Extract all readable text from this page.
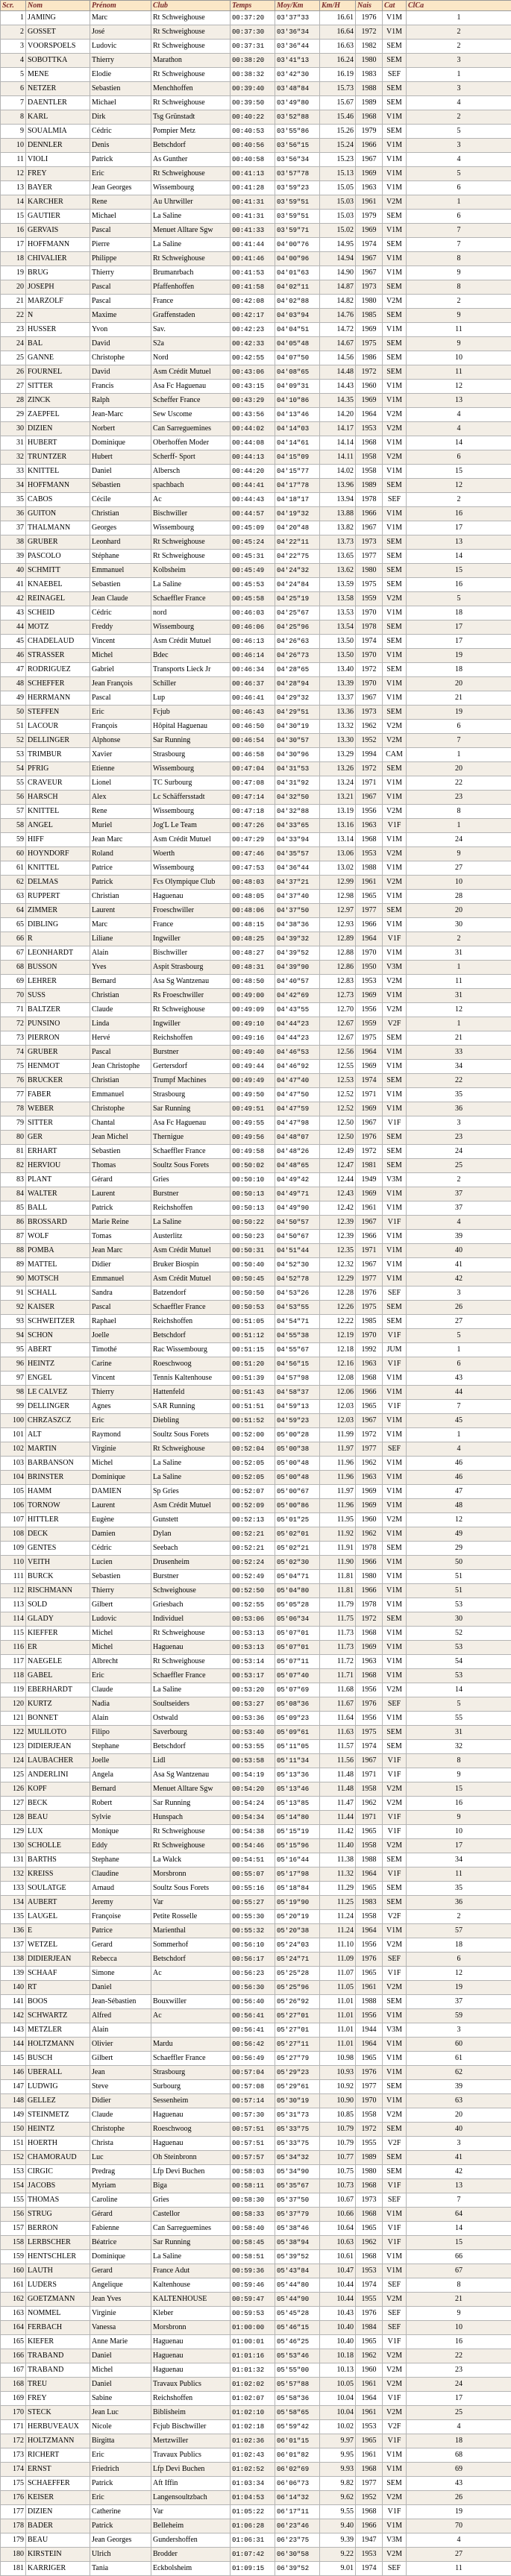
Scr.	Nom	Prénom	Club	Temps	Moy/Km	Km/H	Nais	Cat	ClCa
1	JAMING	Marc	Rt Schweighouse	00:37:20	03'37"33	16.61	1976	V1M	1
2	GOSSET	José	Rt Schweighouse	00:37:30	03'36"34	16.64	1972	V1M	2
3	VOORSPOELS	Ludovic	Rt Schweighouse	00:37:31	03'36"44	16.63	1982	SEM	2
4	SOBOTTKA	Thierry	Marathon	00:38:20	03'41"13	16.24	1980	SEM	3
5	MENE	Elodie	Rt Schweighouse	00:38:32	03'42"30	16.19	1983	SEF	1
6	NETZER	Sebastien	Menchhoffen	00:39:40	03'48"84	15.73	1988	SEM	3
7	DAENTLER	Michael	Rt Schweighouse	00:39:50	03'49"80	15.67	1989	SEM	4
8	KARL	Dirk	Tsg Grünstadt	00:40:22	03'52"88	15.46	1968	V1M	2
9	SOUALMIA	Cédric	Pompier Metz	00:40:53	03'55"86	15.26	1979	SEM	5
10	DENNLER	Denis	Betschdorf	00:40:56	03'56"15	15.24	1966	V1M	3
11	VIOLI	Patrick	As Gunther	00:40:58	03'56"34	15.23	1967	V1M	4
12	FREY	Eric	Rt Schweighouse	00:41:13	03'57"78	15.13	1969	V1M	5
13	BAYER	Jean Georges	Wissembourg	00:41:28	03'59"23	15.05	1963	V1M	6
14	KARCHER	Rene	Au Uhrwiller	00:41:31	03'59"51	15.03	1961	V2M	1
15	GAUTIER	Michael	La Saline	00:41:31	03'59"51	15.03	1979	SEM	6
16	GERVAIS	Pascal	Menuet Alltare Sgw	00:41:33	03'59"71	15.02	1969	V1M	7
17	HOFFMANN	Pierre	La Saline	00:41:44	04'00"76	14.95	1974	SEM	7
18	CHIVALIER	Philippe	Rt Schweighouse	00:41:46	04'00"96	14.94	1967	V1M	8
19	BRUG	Thierry	Brumanrbach	00:41:53	04'01"63	14.90	1967	V1M	9
20	JOSEPH	Pascal	Pfaffenhoffen	00:41:58	04'02"11	14.87	1973	SEM	8
21	MARZOLF	Pascal	France	00:42:08	04'02"88	14.82	1980	V2M	2
22	N	Maxime	Graffenstaden	00:42:17	04'03"94	14.76	1985	SEM	9
23	HUSSER	Yvon	Sav.	00:42:23	04'04"51	14.72	1969	V1M	11
24	BAL	David	S2a	00:42:33	04'05"48	14.67	1975	SEM	9
25	GANNE	Christophe	Nord	00:42:55	04'07"50	14.56	1986	SEM	10
26	FOURNEL	David	Asm Crédit Mutuel	00:43:06	04'08"65	14.48	1972	SEM	11
27	SITTER	Francis	Asa Fc Haguenau	00:43:15	04'09"31	14.43	1960	V1M	12
28	ZINCK	Ralph	Scheffer France	00:43:29	04'10"86	14.35	1969	V1M	13
29	ZAEPFEL	Jean-Marc	Sew Uscome	00:43:56	04'13"46	14.20	1964	V2M	4
30	DIZIEN	Norbert	Can Sarreguemines	00:44:02	04'14"03	14.17	1953	V2M	4
31	HUBERT	Dominique	Oberhoffen Moder	00:44:08	04'14"61	14.14	1968	V1M	14
32	TRUNTZER	Hubert	Scherff- Sport	00:44:13	04'15"09	14.11	1958	V2M	6
33	KNITTEL	Daniel	Albersch	00:44:20	04'15"77	14.02	1958	V1M	15
34	HOFFMANN	Sébastien	spachbach	00:44:41	04'17"78	13.96	1989	SEM	12
35	CABOS	Cécile	Ac	00:44:43	04'18"17	13.94	1978	SEF	2
36	GUITON	Christian	Bischwiller	00:44:57	04'19"32	13.88	1966	V1M	16
37	THALMANN	Georges	Wissembourg	00:45:09	04'20"48	13.82	1967	V1M	17
38	GRUBER	Leonhard	Rt Schweighouse	00:45:24	04'22"11	13.73	1973	SEM	13
39	PASCOLO	Stéphane	Rt Schweighouse	00:45:31	04'22"75	13.65	1977	SEM	14
40	SCHMITT	Emmanuel	Kolbsheim	00:45:49	04'24"32	13.62	1980	SEM	15
41	KNAEBEL	Sebastien	La Saline	00:45:53	04'24"84	13.59	1975	SEM	16
42	REINAGEL	Jean Claude	Schaeffler France	00:45:58	04'25"19	13.58	1959	V2M	5
43	SCHEID	Cédric	nord	00:46:03	04'25"67	13.53	1970	V1M	18
44	MOTZ	Freddy	Wissembourg	00:46:06	04'25"96	13.54	1978	SEM	17
45	CHADELAUD	Vincent	Asm Crédit Mutuel	00:46:13	04'26"63	13.50	1974	SEM	17
46	STRASSER	Michel	Bdec	00:46:14	04'26"73	13.50	1970	V1M	19
47	RODRIGUEZ	Gabriel	Transports Lieck Jr	00:46:34	04'28"65	13.40	1972	SEM	18
48	SCHEFFER	Jean François	Schiller	00:46:37	04'28"94	13.39	1970	V1M	20
49	HERRMANN	Pascal	Lup	00:46:41	04'29"32	13.37	1967	V1M	21
50	STEFFEN	Eric	Fcjub	00:46:43	04'29"51	13.36	1973	SEM	19
51	LACOUR	François	Hôpital Haguenau	00:46:50	04'30"19	13.32	1962	V2M	6
52	DELLINGER	Alphonse	Sar Running	00:46:54	04'30"57	13.30	1952	V2M	7
53	TRIMBUR	Xavier	Strasbourg	00:46:58	04'30"96	13.29	1994	CAM	1
54	PFRIG	Etienne	Wissembourg	00:47:04	04'31"53	13.26	1972	SEM	20
55	CRAVEUR	Lionel	TC Surbourg	00:47:08	04'31"92	13.24	1971	V1M	22
56	HARSCH	Alex	Lc Schäffersstadt	00:47:14	04'32"50	13.21	1967	V1M	23
57	KNITTEL	Rene	Wissembourg	00:47:18	04'32"88	13.19	1956	V2M	8
58	ANGEL	Muriel	Jog'L Le Team	00:47:26	04'33"65	13.16	1963	V1F	1
59	HIFF	Jean Marc	Asm Crédit Mutuel	00:47:29	04'33"94	13.14	1968	V1M	24
60	HOYNDORF	Roland	Woerth	00:47:46	04'35"57	13.06	1953	V2M	9
61	KNITTEL	Patrice	Wissembourg	00:47:53	04'36"44	13.02	1988	V1M	27
62	DELMAS	Patrick	Fcs Olympique Club	00:48:03	04'37"21	12.99	1961	V2M	10
63	RUPPERT	Christian	Haguenau	00:48:05	04'37"40	12.98	1965	V1M	28
64	ZIMMER	Laurent	Froeschwiller	00:48:06	04'37"50	12.97	1977	SEM	20
65	DIBLING	Marc	France	00:48:15	04'38"36	12.93	1966	V1M	30
66	R	Liliane	Ingwiller	00:48:25	04'39"32	12.89	1964	V1F	2
67	LEONHARDT	Alain	Bischwiller	00:48:27	04'39"52	12.88	1970	V1M	31
68	BUSSON	Yves	Aspit Strasbourg	00:48:31	04'39"90	12.86	1950	V3M	1
69	LEHRER	Bernard	Asa Sg Wantzenau	00:48:50	04'40"57	12.83	1953	V2M	11
70	SUSS	Christian	Rs Froeschwiller	00:49:00	04'42"69	12.73	1969	V1M	31
71	BALTZER	Claude	Rt Schweighouse	00:49:09	04'43"55	12.70	1956	V2M	12
72	PUNSINO	Linda	Ingwiller	00:49:10	04'44"23	12.67	1959	V2F	1
73	PIERRON	Hervé	Reichshoffen	00:49:16	04'44"23	12.67	1975	SEM	21
74	GRUBER	Pascal	Burstner	00:49:40	04'46"53	12.56	1964	V1M	33
75	HENMOT	Jean Christophe	Gertersdorf	00:49:44	04'46"92	12.55	1969	V1M	34
76	BRUCKER	Christian	Trumpf Machines	00:49:49	04'47"40	12.53	1974	SEM	22
77	FABER	Emmanuel	Strasbourg	00:49:50	04'47"50	12.52	1971	V1M	35
78	WEBER	Christophe	Sar Running	00:49:51	04'47"59	12.52	1969	V1M	36
79	SITTER	Chantal	Asa Fc Haguenau	00:49:55	04'47"98	12.50	1967	V1F	3
80	GER	Jean Michel	Thernigue	00:49:56	04'48"07	12.50	1976	SEM	23
81	ERHART	Sebastien	Schaeffler France	00:49:58	04'48"26	12.49	1972	SEM	24
82	HERVIOU	Thomas	Soultz Sous Forets	00:50:02	04'48"65	12.47	1981	SEM	25
83	PLANT	Gérard	Gries	00:50:10	04'49"42	12.44	1949	V3M	2
84	WALTER	Laurent	Burstner	00:50:13	04'49"71	12.43	1969	V1M	37
85	BALL	Patrick	Reichshoffen	00:50:13	04'49"90	12.42	1961	V1M	37
86	BROSSARD	Marie Reine	La Saline	00:50:22	04'50"57	12.39	1967	V1F	4
87	WOLF	Tomas	Austerlitz	00:50:23	04'50"67	12.39	1966	V1M	39
88	POMBA	Jean Marc	Asm Crédit Mutuel	00:50:31	04'51"44	12.35	1971	V1M	40
89	MATTEL	Didier	Bruker Biospin	00:50:40	04'52"30	12.32	1967	V1M	41
90	MOTSCH	Emmanuel	Asm Crédit Mutuel	00:50:45	04'52"78	12.29	1977	V1M	42
91	SCHALL	Sandra	Batzendorf	00:50:50	04'53"26	12.28	1976	SEF	3
92	KAISER	Pascal	Schaeffler France	00:50:53	04'53"55	12.26	1975	SEM	26
93	SCHWEITZER	Raphael	Reichshoffen	00:51:05	04'54"71	12.22	1985	SEM	27
94	SCHON	Joelle	Betschdorf	00:51:12	04'55"38	12.19	1970	V1F	5
95	ABERT	Timothé	Rac Wissembourg	00:51:15	04'55"67	12.18	1992	JUM	1
96	HEINTZ	Carine	Roeschwoog	00:51:20	04'56"15	12.16	1963	V1F	6
97	ENGEL	Vincent	Tennis Kaltenhouse	00:51:39	04'57"98	12.08	1968	V1M	43
98	LE CALVEZ	Thierry	Hattenfeld	00:51:43	04'58"37	12.06	1966	V1M	44
99	DELLINGER	Agnes	SAR Running	00:51:51	04'59"13	12.03	1965	V1F	7
100	CHRZASZCZ	Eric	Diebling	00:51:52	04'59"23	12.03	1967	V1M	45
101	ALT	Raymond	Soultz Sous Forets	00:52:00	05'00"28	11.99	1972	V1M	1
102	MARTIN	Virginie	Rt Schweighouse	00:52:04	05'00"38	11.97	1977	SEF	4
103	BARBANSON	Michel	La Saline	00:52:05	05'00"48	11.96	1962	V1M	46
104	BRINSTER	Dominique	La Saline	00:52:05	05'00"48	11.96	1963	V1M	46
105	HAMM	DAMIEN	Sp Gries	00:52:07	05'00"67	11.97	1969	V1M	47
106	TORNOW	Laurent	Asm Crédit Mutuel	00:52:09	05'00"86	11.96	1969	V1M	48
107	HITTLER	Eugène	Gunstett	00:52:13	05'01"25	11.95	1960	V2M	12
108	DECK	Damien	Dylan	00:52:21	05'02"01	11.92	1962	V1M	49
109	GENTES	Cédric	Seebach	00:52:21	05'02"21	11.91	1978	SEM	29
110	VEITH	Lucien	Drusenheim	00:52:24	05'02"30	11.90	1966	V1M	50
111	BURCK	Sebastien	Burstner	00:52:49	05'04"71	11.81	1980	V1M	51
112	RISCHMANN	Thierry	Schweighouse	00:52:50	05'04"80	11.81	1966	V1M	51
113	SOLD	Gilbert	Griesbach	00:52:55	05'05"28	11.79	1978	V1M	53
114	GLADY	Ludovic	Individuel	00:53:06	05'06"34	11.75	1972	SEM	30
115	KIEFFER	Michel	Rt Schweighouse	00:53:13	05'07"01	11.73	1968	V1M	52
116	ER	Michel	Haguenau	00:53:13	05'07"01	11.73	1969	V1M	53
117	NAEGELE	Albrecht	Rt Schweighouse	00:53:14	05'07"11	11.72	1963	V1M	54
118	GABEL	Eric	Schaeffler France	00:53:17	05'07"40	11.71	1968	V1M	53
119	EBERHARDT	Claude	La Saline	00:53:20	05'07"69	11.68	1956	V2M	14
120	KURTZ	Nadia	Soultseiders	00:53:27	05'08"36	11.67	1976	SEF	5
121	BONNET	Alain	Ostwald	00:53:36	05'09"23	11.64	1956	V1M	55
122	MULILOTO	Filipo	Saverbourg	00:53:40	05'09"61	11.63	1975	SEM	31
123	DIDIERJEAN	Stephane	Betschdorf	00:53:55	05'11"05	11.57	1974	SEM	32
124	LAUBACHER	Joelle	Lidl	00:53:58	05'11"34	11.56	1967	V1F	8
125	ANDERLINI	Angela	Asa Sg Wantzenau	00:54:19	05'13"36	11.48	1971	V1F	9
126	KOPF	Bernard	Menuet Alltare Sgw	00:54:20	05'13"46	11.48	1958	V2M	15
127	BECK	Robert	Sar Running	00:54:24	05'13"85	11.47	1962	V2M	16
128	BEAU	Sylvie	Hunspach	00:54:34	05'14"80	11.44	1971	V1F	9
129	LUX	Monique	Rt Schweighouse	00:54:38	05'15"19	11.42	1965	V1F	10
130	SCHOLLE	Eddy	Rt Schweighouse	00:54:46	05'15"96	11.40	1958	V2M	17
131	BARTHS	Stephane	La Walck	00:54:51	05'16"44	11.38	1988	SEM	34
132	KREISS	Claudine	Morsbronn	00:55:07	05'17"98	11.32	1964	V1F	11
133	SOULATGE	Arnaud	Soultz Sous Forets	00:55:16	05'18"84	11.29	1965	SEM	35
134	AUBERT	Jeremy	Var	00:55:27	05'19"90	11.25	1983	SEM	36
135	LAUGEL	Françoise	Petite Rosselle	00:55:30	05'20"19	11.24	1958	V2F	2
136	E	Patrice	Marienthal	00:55:32	05'20"38	11.24	1964	V1M	57
137	WETZEL	Gerard	Sommerhof	00:56:10	05'24"03	11.10	1956	V2M	18
138	DIDIERJEAN	Rebecca	Betschdorf	00:56:17	05'24"71	11.09	1976	SEF	6
139	SCHAAF	Simone	Ac	00:56:23	05'25"28	11.07	1965	V1F	12
140	RT	Daniel		00:56:30	05'25"96	11.05	1961	V2M	19
141	BOOS	Jean-Sébastien	Bouxwiller	00:56:40	05'26"92	11.01	1988	SEM	37
142	SCHWARTZ	Alfred	Ac	00:56:41	05'27"01	11.01	1956	V1M	59
143	METZLER	Alain		00:56:41	05'27"01	11.01	1944	V3M	3
144	HOLTZMANN	Olivier	Mardu	00:56:42	05'27"11	11.01	1964	V1M	60
145	BUSCH	Gilbert	Schaeffler France	00:56:49	05'27"79	10.98	1965	V1M	61
146	UBERALL	Jean	Strasbourg	00:57:04	05'29"23	10.93	1976	V1M	62
147	LUDWIG	Steve	Surbourg	00:57:08	05'29"61	10.92	1977	SEM	39
148	GELLEZ	Didier	Sessenheim	00:57:14	05'30"19	10.90	1970	V1M	63
149	STEINMETZ	Claude	Haguenau	00:57:30	05'31"73	10.85	1958	V2M	20
150	HEINTZ	Christophe	Roeschwoog	00:57:51	05'33"75	10.79	1972	SEM	40
151	HOERTH	Christa	Haguenau	00:57:51	05'33"75	10.79	1955	V2F	3
152	CHAMORAUD	Luc	Oh Steinbronn	00:57:57	05'34"32	10.77	1989	SEM	41
153	CIRGIC	Predrag	Lfp Devi Buchen	00:58:03	05'34"90	10.75	1980	SEM	42
154	JACOBS	Myriam	Biga	00:58:11	05'35"67	10.73	1968	V1F	13
155	THOMAS	Caroline	Gries	00:58:30	05'37"50	10.67	1973	SEF	7
156	STRUG	Gérard	Castellor	00:58:33	05'37"79	10.66	1968	V1M	64
157	BERRON	Fabienne	Can Sarreguemines	00:58:40	05'38"46	10.64	1965	V1F	14
158	LERBSCHER	Béatrice	Sar Running	00:58:45	05'38"94	10.63	1962	V1F	15
159	HENTSCHLER	Dominique	La Saline	00:58:51	05'39"52	10.61	1968	V1M	66
160	LAUTH	Gerard	France Adut	00:59:36	05'43"84	10.47	1953	V1M	67
161	LUDERS	Angelique	Kaltenhouse	00:59:46	05'44"80	10.44	1974	SEF	8
162	GOETZMANN	Jean Yves	KALTENHOUSE	00:59:47	05'44"90	10.44	1955	V2M	21
163	NOMMEL	Virginie	Kleber	00:59:53	05'45"28	10.43	1976	SEF	9
164	FERBACH	Vanessa	Morsbronn	01:00:00	05'46"15	10.40	1984	SEF	10
165	KIEFER	Anne Marie	Haguenau	01:00:01	05'46"25	10.40	1965	V1F	16
166	TRABAND	Daniel	Haguenau	01:01:16	05'53"46	10.18	1962	V2M	22
167	TRABAND	Michel	Haguenau	01:01:32	05'55"00	10.13	1960	V2M	23
168	TREU	Daniel	Travaux Publics	01:02:02	05'57"88	10.05	1961	V2M	24
169	FREY	Sabine	Reichshoffen	01:02:07	05'58"36	10.04	1964	V1F	17
170	STECK	Jean Luc	Biblisheim	01:02:10	05'58"65	10.04	1961	V2M	25
171	HERBUVEAUX	Nicole	Fcjub Bischwiller	01:02:18	05'59"42	10.02	1953	V2F	4
172	HOLTZMANN	Birgitta	Mertzwiller	01:02:36	06'01"15	9.97	1965	V1F	18
173	RICHERT	Eric	Travaux Publics	01:02:43	06'01"82	9.95	1961	V1M	68
174	ERNST	Friedrich	Lfp Devi Buchen	01:02:52	06'02"69	9.93	1968	V1M	69
175	SCHAEFFER	Patrick	Aft Iffin	01:03:34	06'06"73	9.82	1977	SEM	43
176	KEISER	Eric	Langensoultzbach	01:04:53	06'14"32	9.62	1952	V2M	26
177	DIZIEN	Catherine	Var	01:05:22	06'17"11	9.55	1968	V1F	19
178	BADER	Patrick	Belleheim	01:06:28	06'23"46	9.40	1966	V1M	70
179	BEAU	Jean Georges	Gundershoffen	01:06:31	06'23"75	9.39	1947	V3M	4
180	KIRSTEIN	Ulrich	Brodder	01:07:42	06'30"58	9.22	1953	V2M	27
181	KARRIGER	Tania	Eckbolsheim	01:09:15	06'39"52	9.01	1974	SEF	11
